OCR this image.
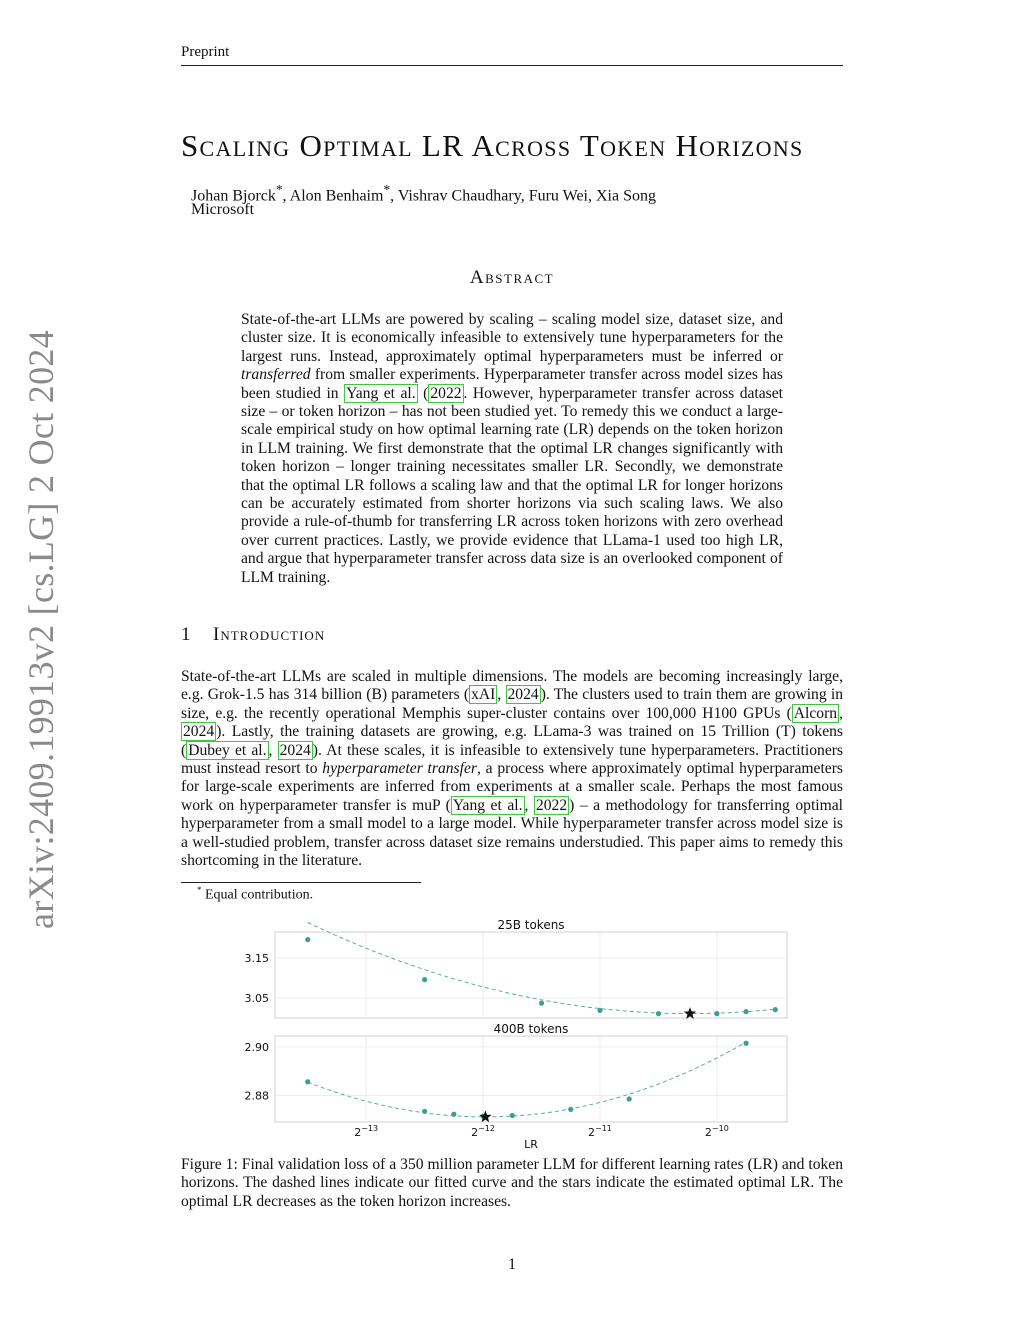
Preprint
arXiv:2409.19913v2 [cs.LG] 2 Oct 2024
Scaling Optimal LR Across Token Horizons
Johan Bjorck*, Alon Benhaim*, Vishrav Chaudhary, Furu Wei, Xia Song
Microsoft
Abstract
State-of-the-art LLMs are powered by scaling – scaling model size, dataset size, and cluster size. It is economically infeasible to extensively tune hyperparameters for the largest runs. Instead, approximately optimal hyperparameters must be inferred or transferred from smaller experiments. Hyperparameter transfer across model sizes has been studied in Yang et al. ( 2022 . However, hyperparameter transfer across dataset size – or token horizon – has not been studied yet. To remedy this we conduct a large-scale empirical study on how optimal learning rate (LR) depends on the token horizon in LLM training. We first demonstrate that the optimal LR changes significantly with token horizon – longer training necessitates smaller LR. Secondly, we demonstrate that the optimal LR follows a scaling law and that the optimal LR for longer horizons can be accurately estimated from shorter horizons via such scaling laws. We also provide a rule-of-thumb for transferring LR across token horizons with zero overhead over current practices. Lastly, we provide evidence that LLama-1 used too high LR, and argue that hyperparameter transfer across data size is an overlooked component of LLM training.
1 Introduction
State-of-the-art LLMs are scaled in multiple dimensions. The models are becoming increasingly large, e.g. Grok-1.5 has 314 billion (B) parameters ( xAI , 2024 ). The clusters used to train them are growing in size, e.g. the recently operational Memphis super-cluster contains over 100,000 H100 GPUs ( Alcorn , 2024 ). Lastly, the training datasets are growing, e.g. LLama-3 was trained on 15 Trillion (T) tokens ( Dubey et al. , 2024 ). At these scales, it is infeasible to extensively tune hyperparameters. Practitioners must instead resort to hyperparameter transfer, a process where approximately optimal hyperparameters for large-scale experiments are inferred from experiments at a smaller scale. Perhaps the most famous work on hyperparameter transfer is muP ( Yang et al. , 2022 ) – a methodology for transferring optimal hyperparameter from a small model to a large model. While hyperparameter transfer across model size is a well-studied problem, transfer across dataset size remains understudied. This paper aims to remedy this shortcoming in the literature.
* Equal contribution.
25B tokens
400B tokens
LR
3.15
3.05
2.90
2.88
$2^{-13}$	$2^{-12}$	$2^{-11}$	$2^{-10}$
Figure 1: Final validation loss of a 350 million parameter LLM for different learning rates (LR) and token horizons. The dashed lines indicate our fitted curve and the stars indicate the estimated optimal LR. The optimal LR decreases as the token horizon increases.
1
